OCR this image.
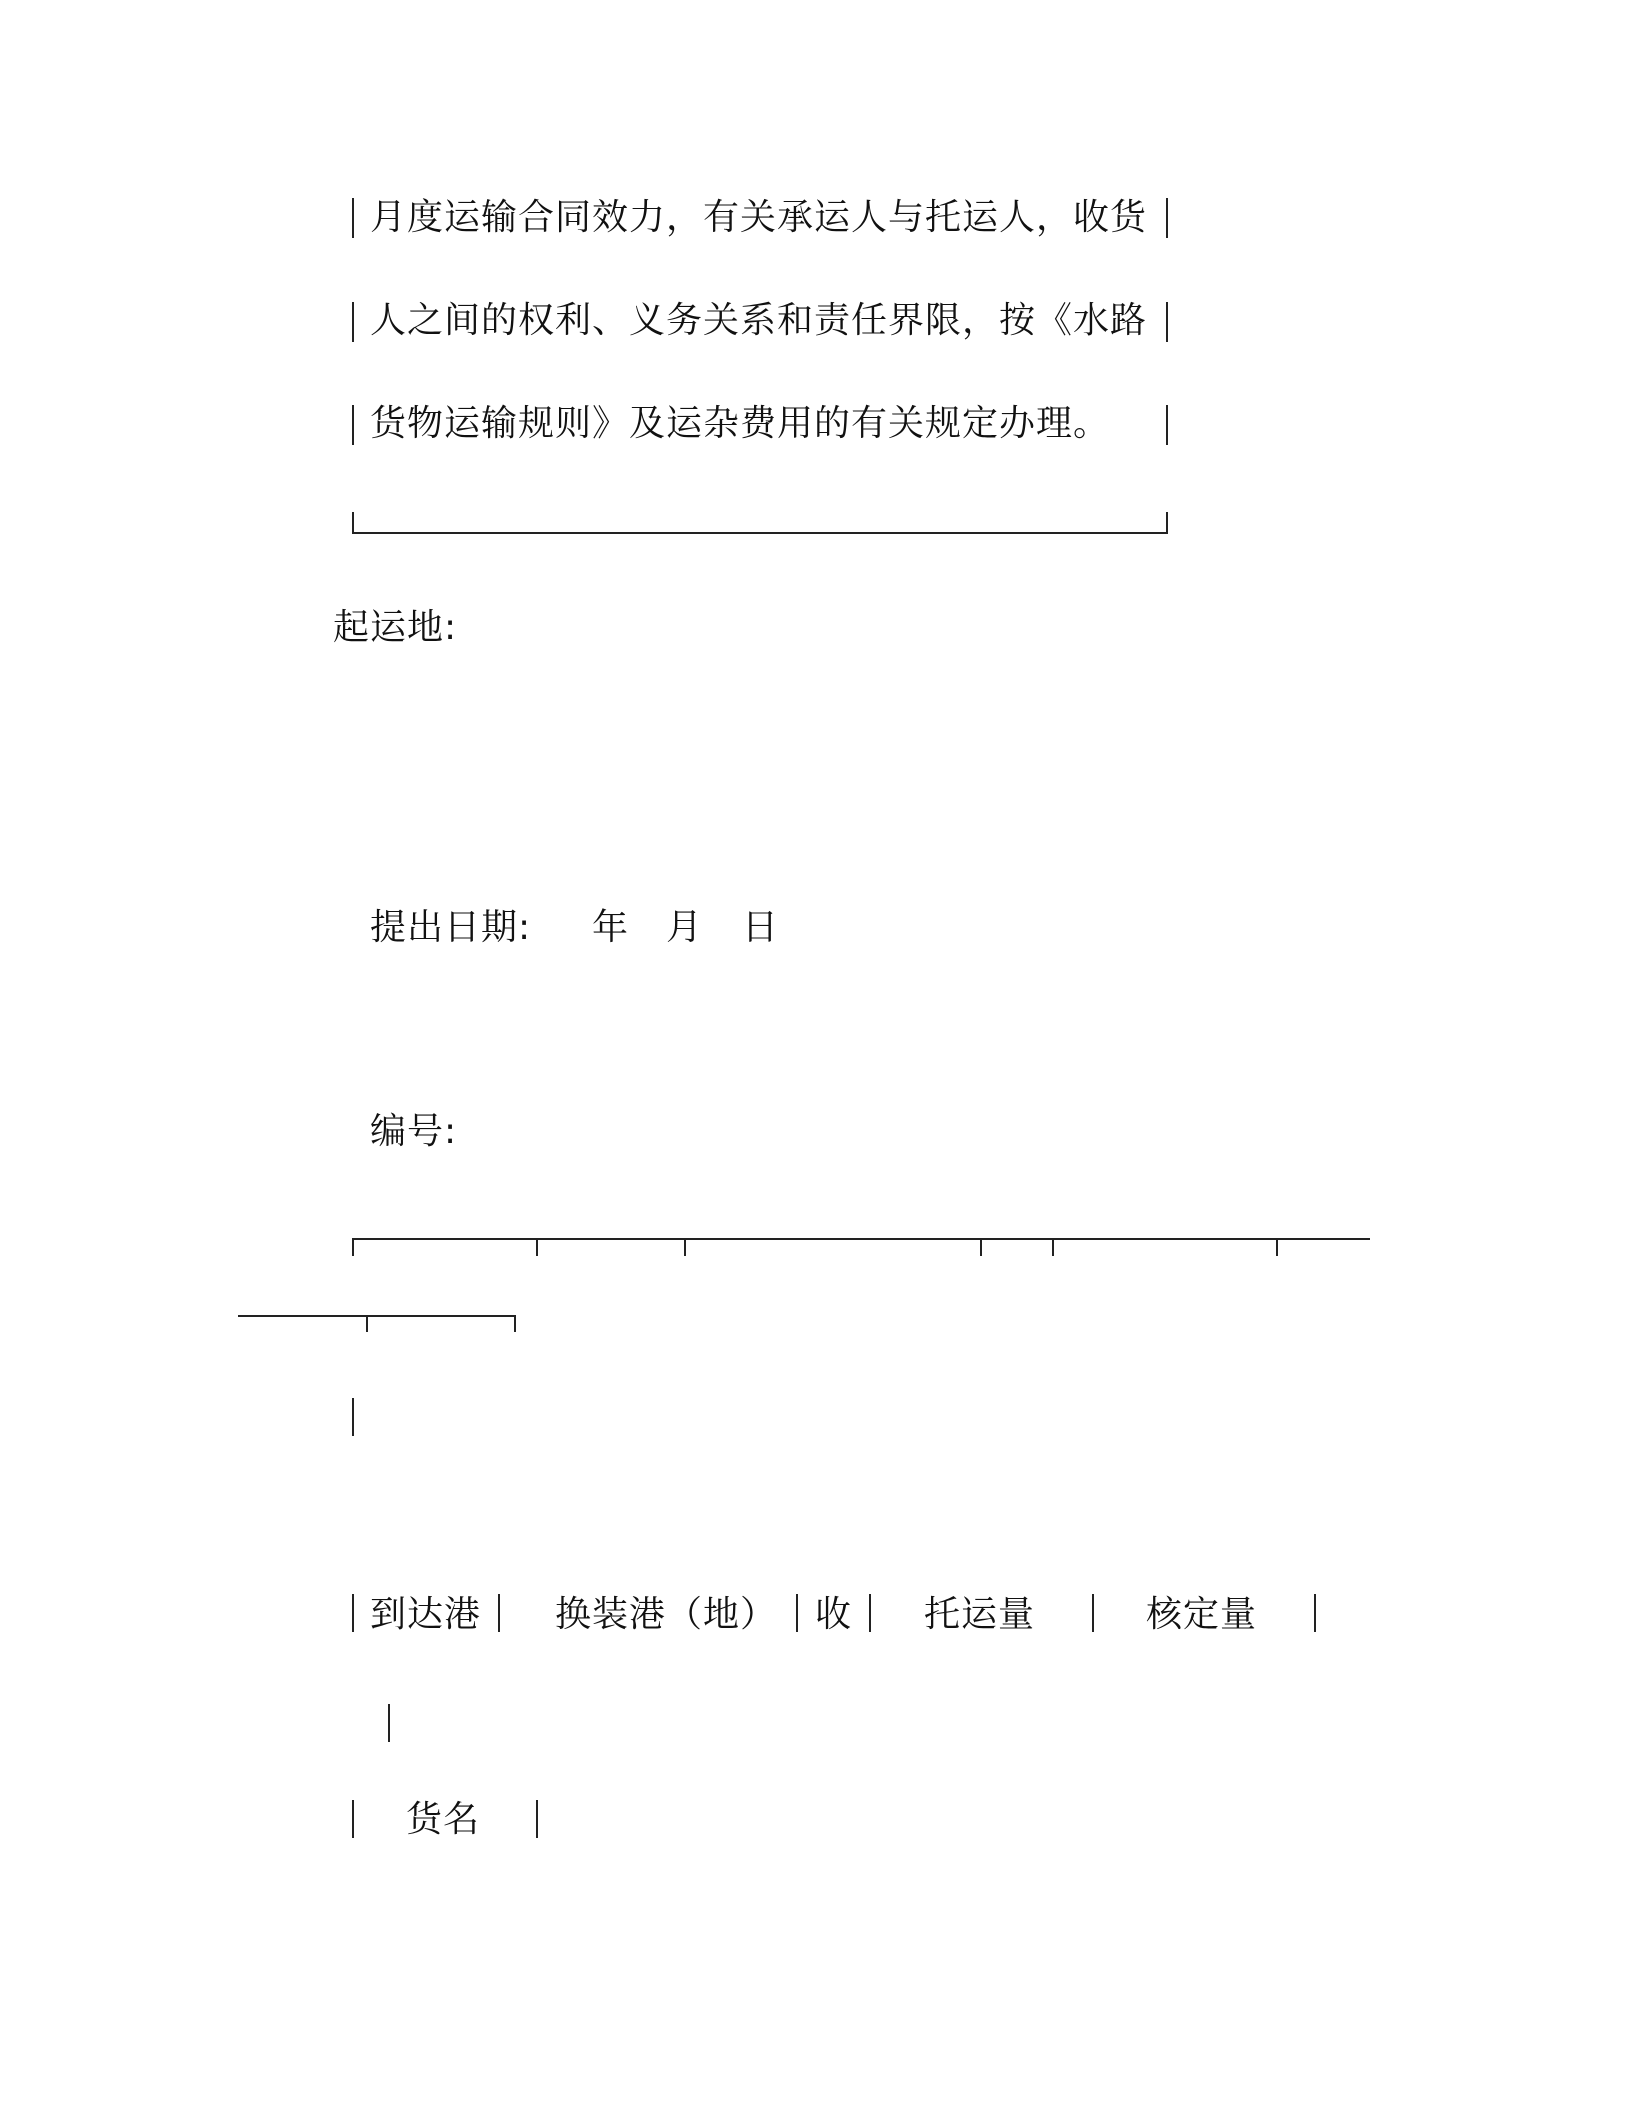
月度运输合同效力，有关承运人与托运人，收货
人之间的权利、义务关系和责任界限，按《水路
货物运输规则》及运杂费用的有关规定办理。
起运地:
提出日期: 年 月 日
编号:
到达港 换装港（地） 收 托运量	核定量
货名
